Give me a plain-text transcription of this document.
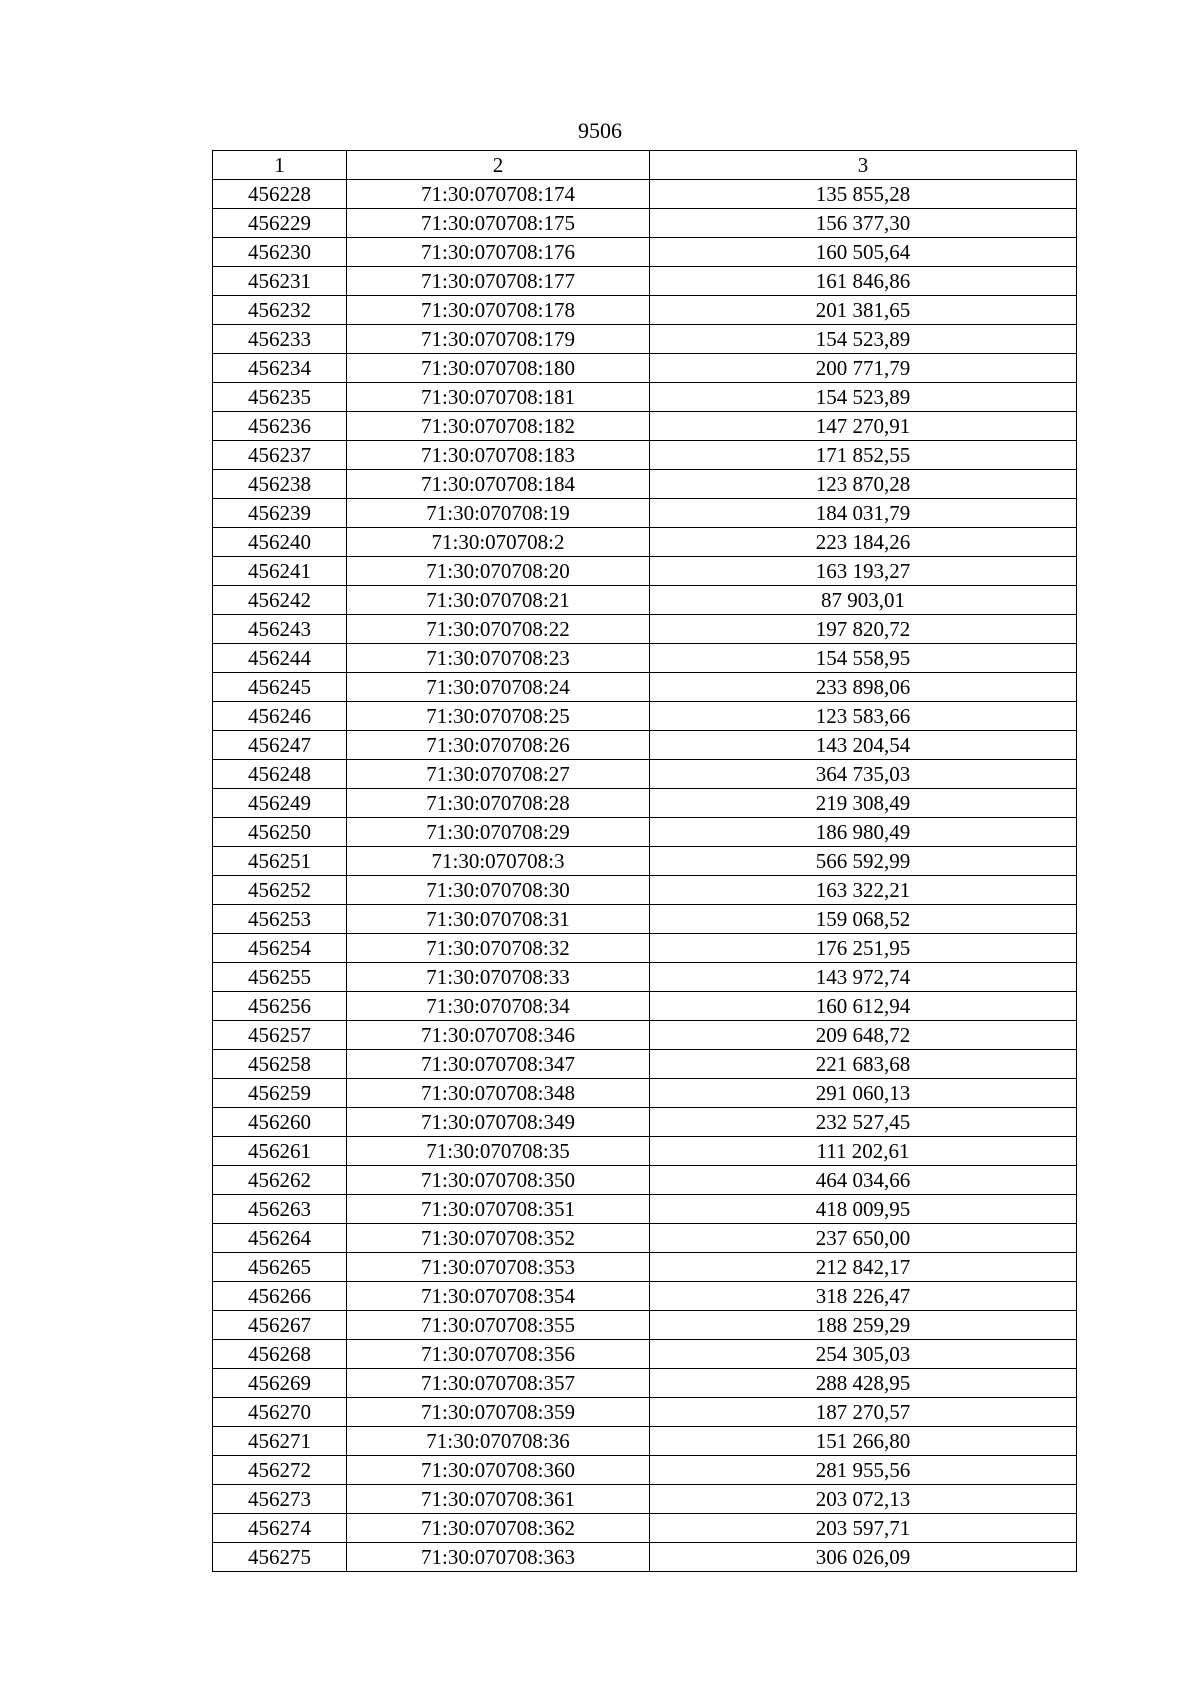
9506
1	2	3
456228	71:30:070708:174	135 855,28
456229	71:30:070708:175	156 377,30
456230	71:30:070708:176	160 505,64
456231	71:30:070708:177	161 846,86
456232	71:30:070708:178	201 381,65
456233	71:30:070708:179	154 523,89
456234	71:30:070708:180	200 771,79
456235	71:30:070708:181	154 523,89
456236	71:30:070708:182	147 270,91
456237	71:30:070708:183	171 852,55
456238	71:30:070708:184	123 870,28
456239	71:30:070708:19	184 031,79
456240	71:30:070708:2	223 184,26
456241	71:30:070708:20	163 193,27
456242	71:30:070708:21	87 903,01
456243	71:30:070708:22	197 820,72
456244	71:30:070708:23	154 558,95
456245	71:30:070708:24	233 898,06
456246	71:30:070708:25	123 583,66
456247	71:30:070708:26	143 204,54
456248	71:30:070708:27	364 735,03
456249	71:30:070708:28	219 308,49
456250	71:30:070708:29	186 980,49
456251	71:30:070708:3	566 592,99
456252	71:30:070708:30	163 322,21
456253	71:30:070708:31	159 068,52
456254	71:30:070708:32	176 251,95
456255	71:30:070708:33	143 972,74
456256	71:30:070708:34	160 612,94
456257	71:30:070708:346	209 648,72
456258	71:30:070708:347	221 683,68
456259	71:30:070708:348	291 060,13
456260	71:30:070708:349	232 527,45
456261	71:30:070708:35	111 202,61
456262	71:30:070708:350	464 034,66
456263	71:30:070708:351	418 009,95
456264	71:30:070708:352	237 650,00
456265	71:30:070708:353	212 842,17
456266	71:30:070708:354	318 226,47
456267	71:30:070708:355	188 259,29
456268	71:30:070708:356	254 305,03
456269	71:30:070708:357	288 428,95
456270	71:30:070708:359	187 270,57
456271	71:30:070708:36	151 266,80
456272	71:30:070708:360	281 955,56
456273	71:30:070708:361	203 072,13
456274	71:30:070708:362	203 597,71
456275	71:30:070708:363	306 026,09
